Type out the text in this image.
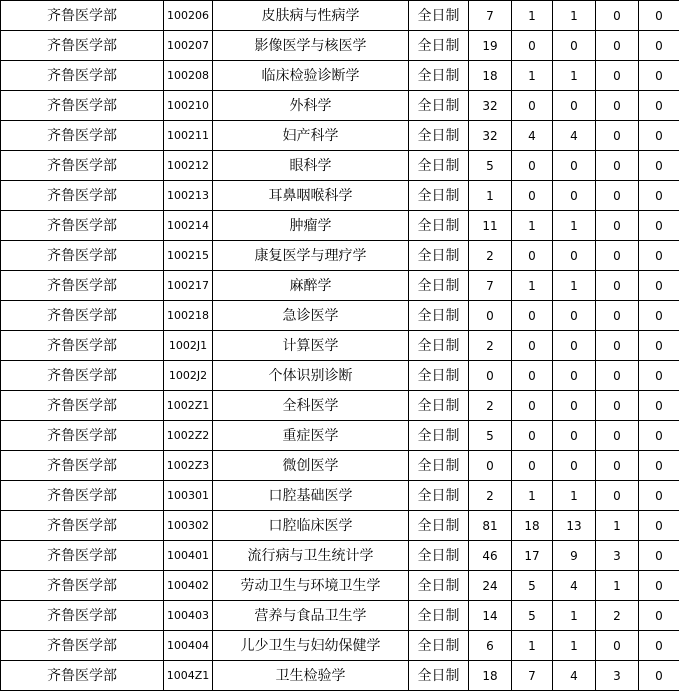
齐鲁医学部	100206	皮肤病与性病学	全日制	7	1	1	0	0
齐鲁医学部	100207	影像医学与核医学	全日制	19	0	0	0	0
齐鲁医学部	100208	临床检验诊断学	全日制	18	1	1	0	0
齐鲁医学部	100210	外科学	全日制	32	0	0	0	0
齐鲁医学部	100211	妇产科学	全日制	32	4	4	0	0
齐鲁医学部	100212	眼科学	全日制	5	0	0	0	0
齐鲁医学部	100213	耳鼻咽喉科学	全日制	1	0	0	0	0
齐鲁医学部	100214	肿瘤学	全日制	11	1	1	0	0
齐鲁医学部	100215	康复医学与理疗学	全日制	2	0	0	0	0
齐鲁医学部	100217	麻醉学	全日制	7	1	1	0	0
齐鲁医学部	100218	急诊医学	全日制	0	0	0	0	0
齐鲁医学部	1002J1	计算医学	全日制	2	0	0	0	0
齐鲁医学部	1002J2	个体识别诊断	全日制	0	0	0	0	0
齐鲁医学部	1002Z1	全科医学	全日制	2	0	0	0	0
齐鲁医学部	1002Z2	重症医学	全日制	5	0	0	0	0
齐鲁医学部	1002Z3	微创医学	全日制	0	0	0	0	0
齐鲁医学部	100301	口腔基础医学	全日制	2	1	1	0	0
齐鲁医学部	100302	口腔临床医学	全日制	81	18	13	1	0
齐鲁医学部	100401	流行病与卫生统计学	全日制	46	17	9	3	0
齐鲁医学部	100402	劳动卫生与环境卫生学	全日制	24	5	4	1	0
齐鲁医学部	100403	营养与食品卫生学	全日制	14	5	1	2	0
齐鲁医学部	100404	儿少卫生与妇幼保健学	全日制	6	1	1	0	0
齐鲁医学部	1004Z1	卫生检验学	全日制	18	7	4	3	0
